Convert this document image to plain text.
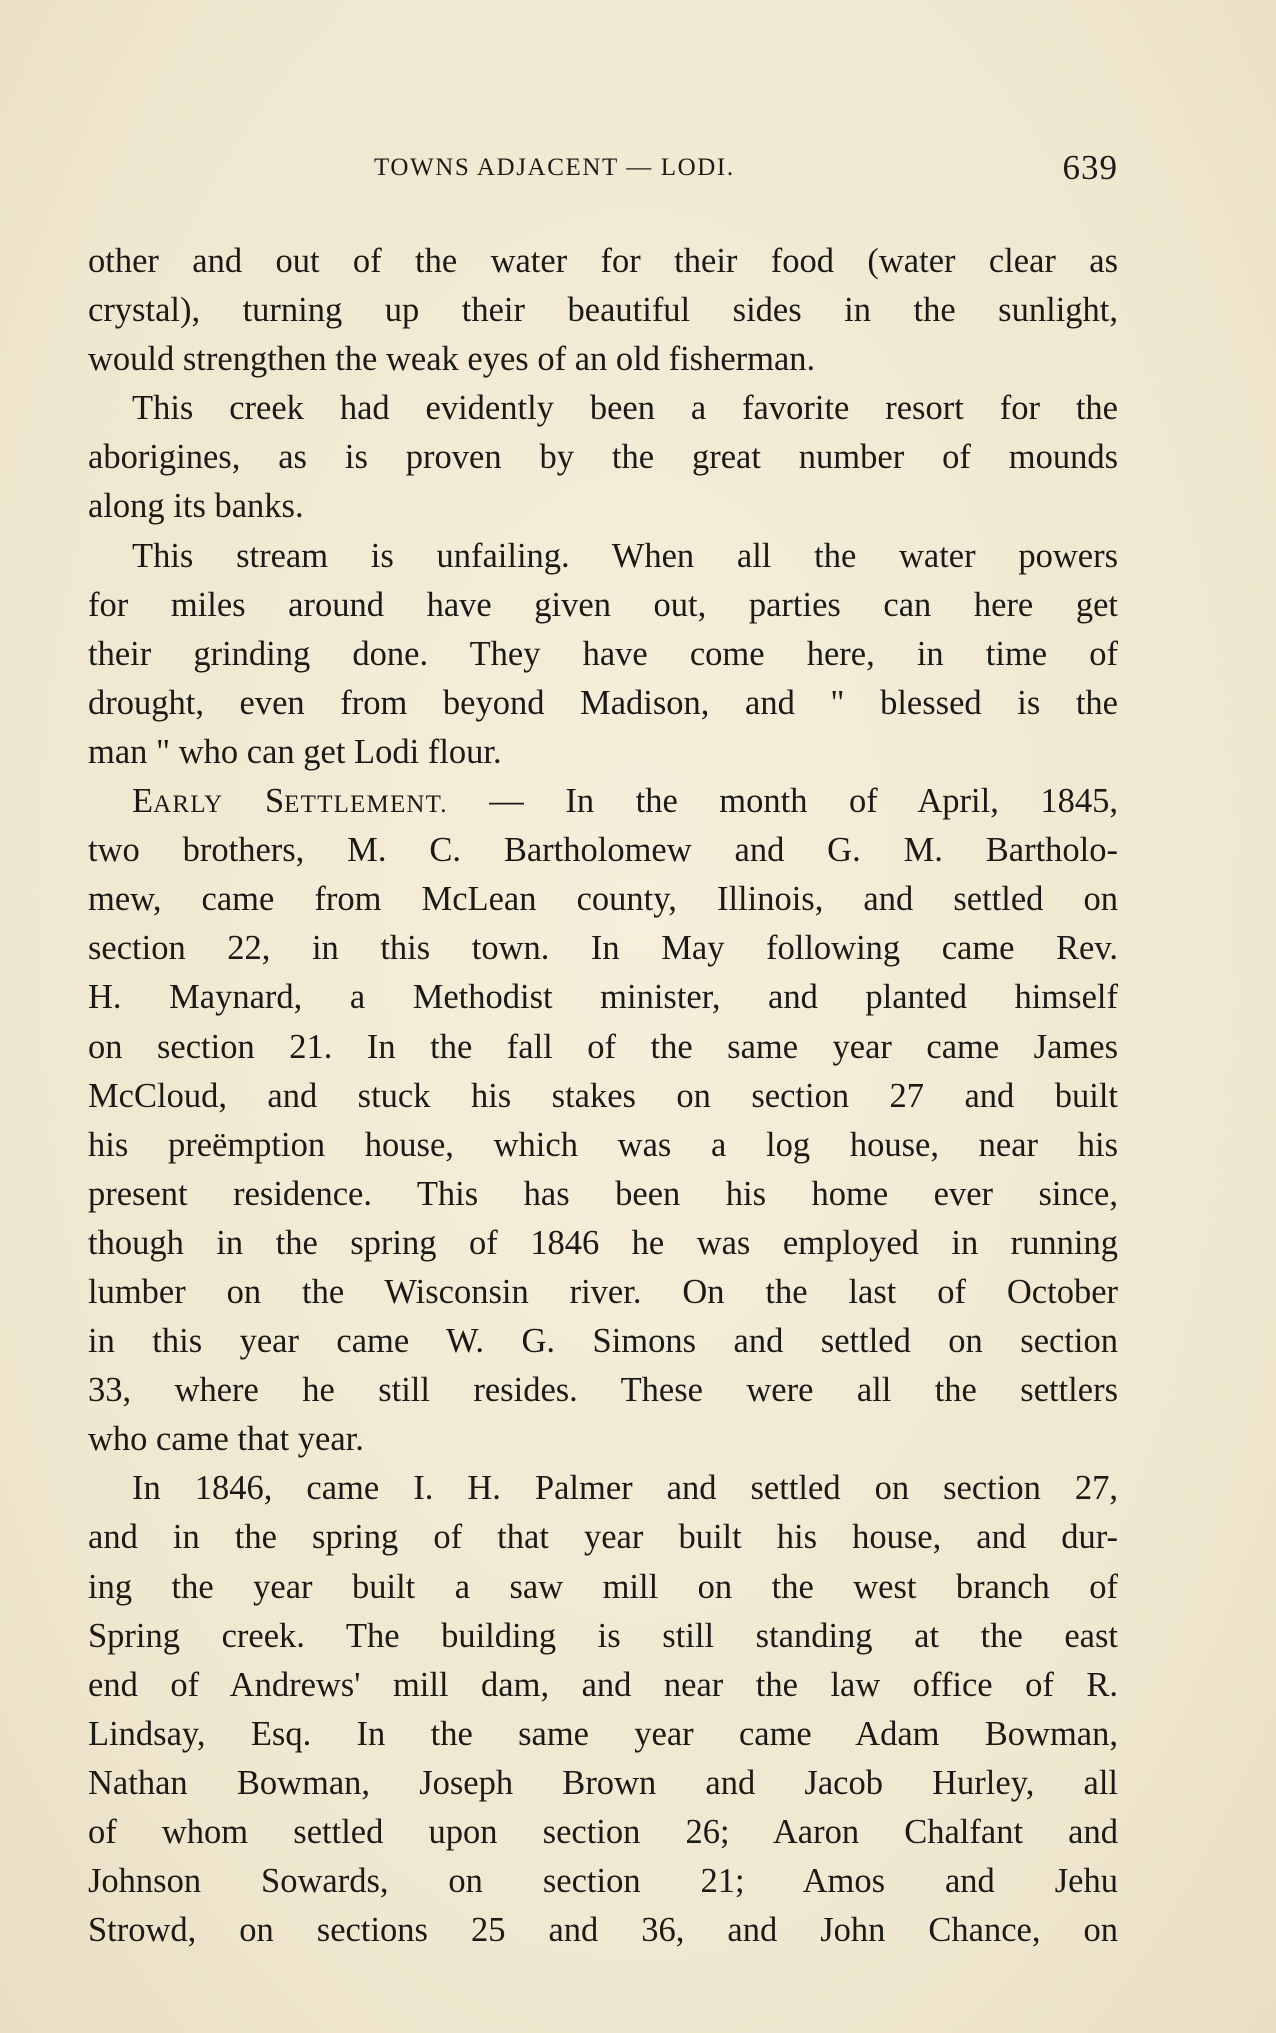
TOWNS ADJACENT — LODI.	639
other and out of the water for their food (water clear as
crystal), turning up their beautiful sides in the sunlight,
would strengthen the weak eyes of an old fisherman.
This creek had evidently been a favorite resort for the
aborigines, as is proven by the great number of mounds
along its banks.
This stream is unfailing. When all the water powers
for miles around have given out, parties can here get
their grinding done. They have come here, in time of
drought, even from beyond Madison, and " blessed is the
man " who can get Lodi flour.
EARLY SETTLEMENT. — In the month of April, 1845,
two brothers, M. C. Bartholomew and G. M. Bartholo-
mew, came from McLean county, Illinois, and settled on
section 22, in this town. In May following came Rev.
H. Maynard, a Methodist minister, and planted himself
on section 21. In the fall of the same year came James
McCloud, and stuck his stakes on section 27 and built
his preëmption house, which was a log house, near his
present residence. This has been his home ever since,
though in the spring of 1846 he was employed in running
lumber on the Wisconsin river. On the last of October
in this year came W. G. Simons and settled on section
33, where he still resides. These were all the settlers
who came that year.
In 1846, came I. H. Palmer and settled on section 27,
and in the spring of that year built his house, and dur-
ing the year built a saw mill on the west branch of
Spring creek. The building is still standing at the east
end of Andrews' mill dam, and near the law office of R.
Lindsay, Esq. In the same year came Adam Bowman,
Nathan Bowman, Joseph Brown and Jacob Hurley, all
of whom settled upon section 26; Aaron Chalfant and
Johnson Sowards, on section 21; Amos and Jehu
Strowd, on sections 25 and 36, and John Chance, on
